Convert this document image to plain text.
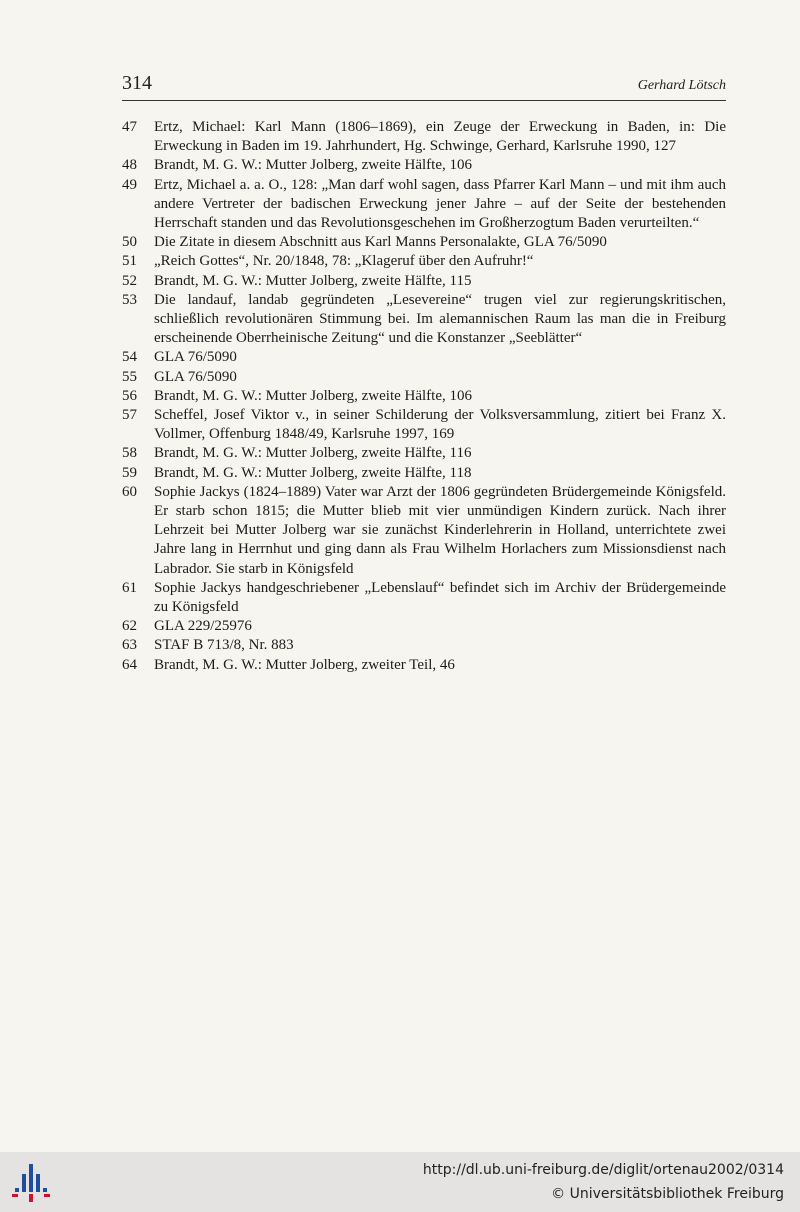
314	Gerhard Lötsch
47	Ertz, Michael: Karl Mann (1806–1869), ein Zeuge der Erweckung in Baden, in: Die Erweckung in Baden im 19. Jahrhundert, Hg. Schwinge, Gerhard, Karlsruhe 1990, 127
48	Brandt, M. G. W.: Mutter Jolberg, zweite Hälfte, 106
49	Ertz, Michael a. a. O., 128: „Man darf wohl sagen, dass Pfarrer Karl Mann – und mit ihm auch andere Vertreter der badischen Erweckung jener Jahre – auf der Seite der bestehenden Herrschaft standen und das Revolutionsgeschehen im Großherzogtum Baden verurteilten.“
50	Die Zitate in diesem Abschnitt aus Karl Manns Personalakte, GLA 76/5090
51	„Reich Gottes“, Nr. 20/1848, 78: „Klageruf über den Aufruhr!“
52	Brandt, M. G. W.: Mutter Jolberg, zweite Hälfte, 115
53	Die landauf, landab gegründeten „Lesevereine“ trugen viel zur regierungskritischen, schließlich revolutionären Stimmung bei. Im alemannischen Raum las man die in Freiburg erscheinende Oberrheinische Zeitung“ und die Konstanzer „Seeblätter“
54	GLA 76/5090
55	GLA 76/5090
56	Brandt, M. G. W.: Mutter Jolberg, zweite Hälfte, 106
57	Scheffel, Josef Viktor v., in seiner Schilderung der Volksversammlung, zitiert bei Franz X. Vollmer, Offenburg 1848/49, Karlsruhe 1997, 169
58	Brandt, M. G. W.: Mutter Jolberg, zweite Hälfte, 116
59	Brandt, M. G. W.: Mutter Jolberg, zweite Hälfte, 118
60	Sophie Jackys (1824–1889) Vater war Arzt der 1806 gegründeten Brüdergemeinde Königsfeld. Er starb schon 1815; die Mutter blieb mit vier unmündigen Kindern zurück. Nach ihrer Lehrzeit bei Mutter Jolberg war sie zunächst Kinderlehrerin in Holland, unterrichtete zwei Jahre lang in Herrnhut und ging dann als Frau Wilhelm Horlachers zum Missionsdienst nach Labrador. Sie starb in Königsfeld
61	Sophie Jackys handgeschriebener „Lebenslauf“ befindet sich im Archiv der Brüdergemeinde zu Königsfeld
62	GLA 229/25976
63	STAF B 713/8, Nr. 883
64	Brandt, M. G. W.: Mutter Jolberg, zweiter Teil, 46
http://dl.ub.uni-freiburg.de/diglit/ortenau2002/0314
© Universitätsbibliothek Freiburg
